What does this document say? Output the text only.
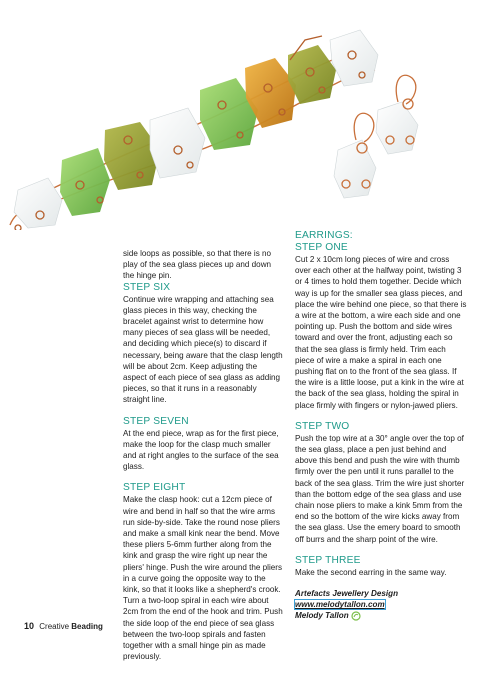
side loops as possible, so that there is no play of the sea glass pieces up and down the hinge pin.

STEP SIX

Continue wire wrapping and attaching sea glass pieces in this way, checking the bracelet against wrist to determine how many pieces of sea glass will be needed, and deciding which piece(s) to discard if necessary, being aware that the clasp length will be about 2cm. Keep adjusting the aspect of each piece of sea glass as adding pieces, so that it runs in a reasonably straight line.

STEP SEVEN

At the end piece, wrap as for the first piece, make the loop for the clasp much smaller and at right angles to the surface of the sea glass.

STEP EIGHT

Make the clasp hook: cut a 12cm piece of wire and bend in half so that the wire arms run side-by-side. Take the round nose pliers and make a small kink near the bend. Move these pliers 5-6mm further along from the kink and grasp the wire right up near the pliers' hinge. Push the wire around the pliers in a curve going the opposite way to the kink, so that it looks like a shepherd's crook. Turn a two-loop spiral in each wire about 2cm from the end of the hook and trim. Push the side loop of the end piece of sea glass between the two-loop spirals and fasten together with a small hinge pin as made previously.

EARRINGS:

STEP ONE

Cut 2 x 10cm long pieces of wire and cross over each other at the halfway point, twisting 3 or 4 times to hold them together. Decide which way is up for the smaller sea glass pieces, and place the wire behind one piece, so that there is a wire at the bottom, a wire each side and one pointing up. Push the bottom and side wires toward and over the front, adjusting each so that the sea glass is firmly held. Trim each piece of wire a make a spiral in each one pushing flat on to the front of the sea glass. If the wire is a little loose, put a kink in the wire at the back of the sea glass, holding the spiral in place firmly with fingers or nylon-jawed pliers.

STEP TWO

Push the top wire at a 30° angle over the top of the sea glass, place a pen just behind and above this bend and push the wire with thumb firmly over the pen until it runs parallel to the back of the sea glass. Trim the wire just shorter than the bottom edge of the sea glass and use chain nose pliers to make a kink 5mm from the end so the bottom of the wire kicks away from the sea glass. Use the emery board to smooth off burrs and the sharp point of the wire.

STEP THREE

Make the second earring in the same way.

Artefacts Jewellery Design
www.melodytallon.com
Melody Tallon
10 Creative Beading
